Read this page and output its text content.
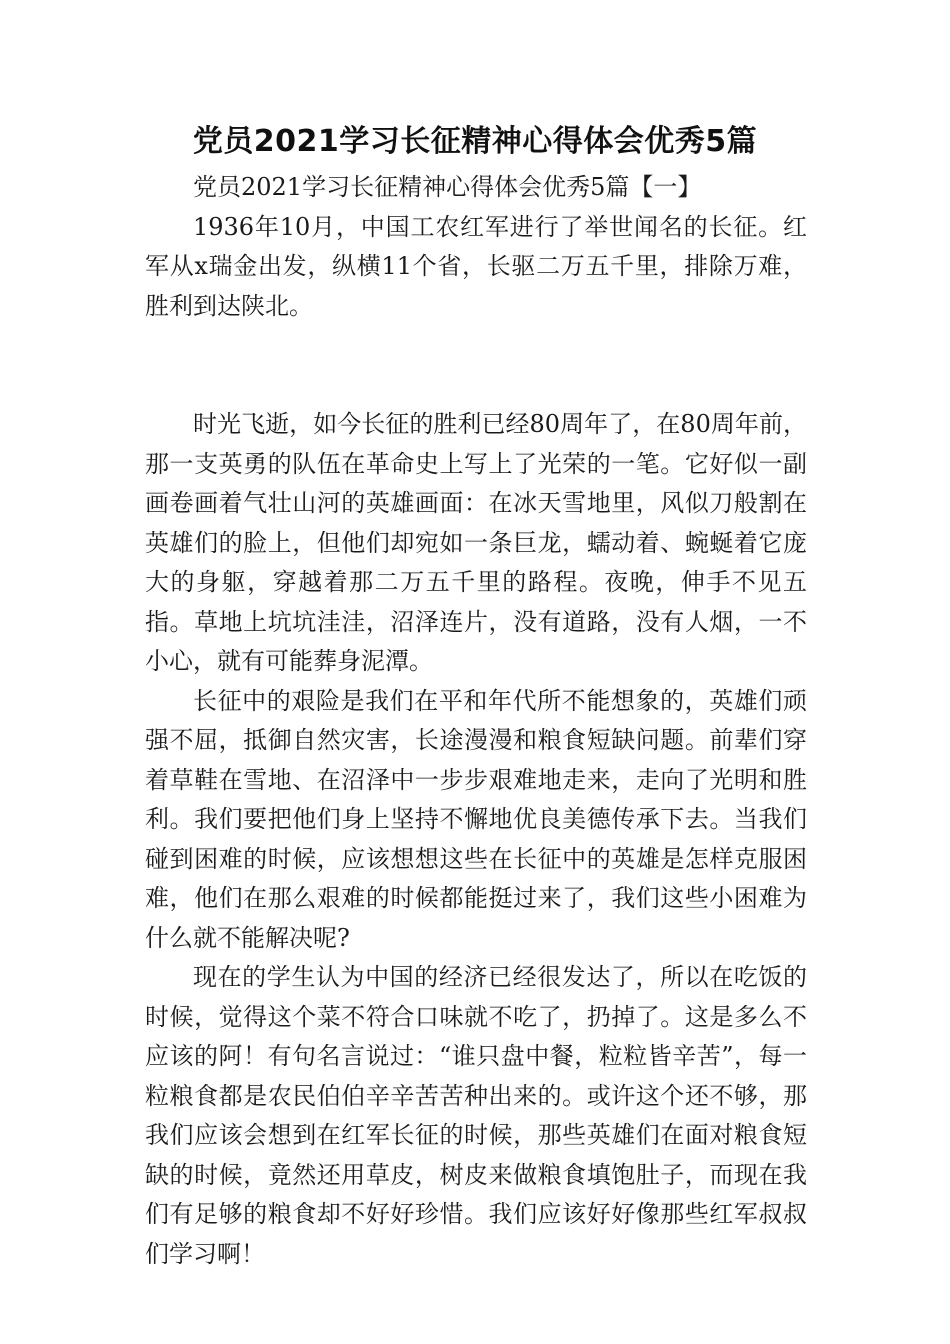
党员2021学习长征精神心得体会优秀5篇

党员2021学习长征精神心得体会优秀5篇【一】

1936年10月，中国工农红军进行了举世闻名的长征。红军从x瑞金出发，纵横11个省，长驱二万五千里，排除万难，胜利到达陕北。

时光飞逝，如今长征的胜利已经80周年了，在80周年前，那一支英勇的队伍在革命史上写上了光荣的一笔。它好似一副画卷画着气壮山河的英雄画面：在冰天雪地里，风似刀般割在英雄们的脸上，但他们却宛如一条巨龙，蠕动着、蜿蜒着它庞大的身躯，穿越着那二万五千里的路程。夜晚，伸手不见五指。草地上坑坑洼洼，沼泽连片，没有道路，没有人烟，一不小心，就有可能葬身泥潭。

长征中的艰险是我们在平和年代所不能想象的，英雄们顽强不屈，抵御自然灾害，长途漫漫和粮食短缺问题。前辈们穿着草鞋在雪地、在沼泽中一步步艰难地走来，走向了光明和胜利。我们要把他们身上坚持不懈地优良美德传承下去。当我们碰到困难的时候，应该想想这些在长征中的英雄是怎样克服困难，他们在那么艰难的时候都能挺过来了，我们这些小困难为什么就不能解决呢?

现在的学生认为中国的经济已经很发达了，所以在吃饭的时候，觉得这个菜不符合口味就不吃了，扔掉了。这是多么不应该的阿！有句名言说过：“谁只盘中餐，粒粒皆辛苦”，每一粒粮食都是农民伯伯辛辛苦苦种出来的。或许这个还不够，那我们应该会想到在红军长征的时候，那些英雄们在面对粮食短缺的时候，竟然还用草皮，树皮来做粮食填饱肚子，而现在我们有足够的粮食却不好好珍惜。我们应该好好像那些红军叔叔们学习啊！
